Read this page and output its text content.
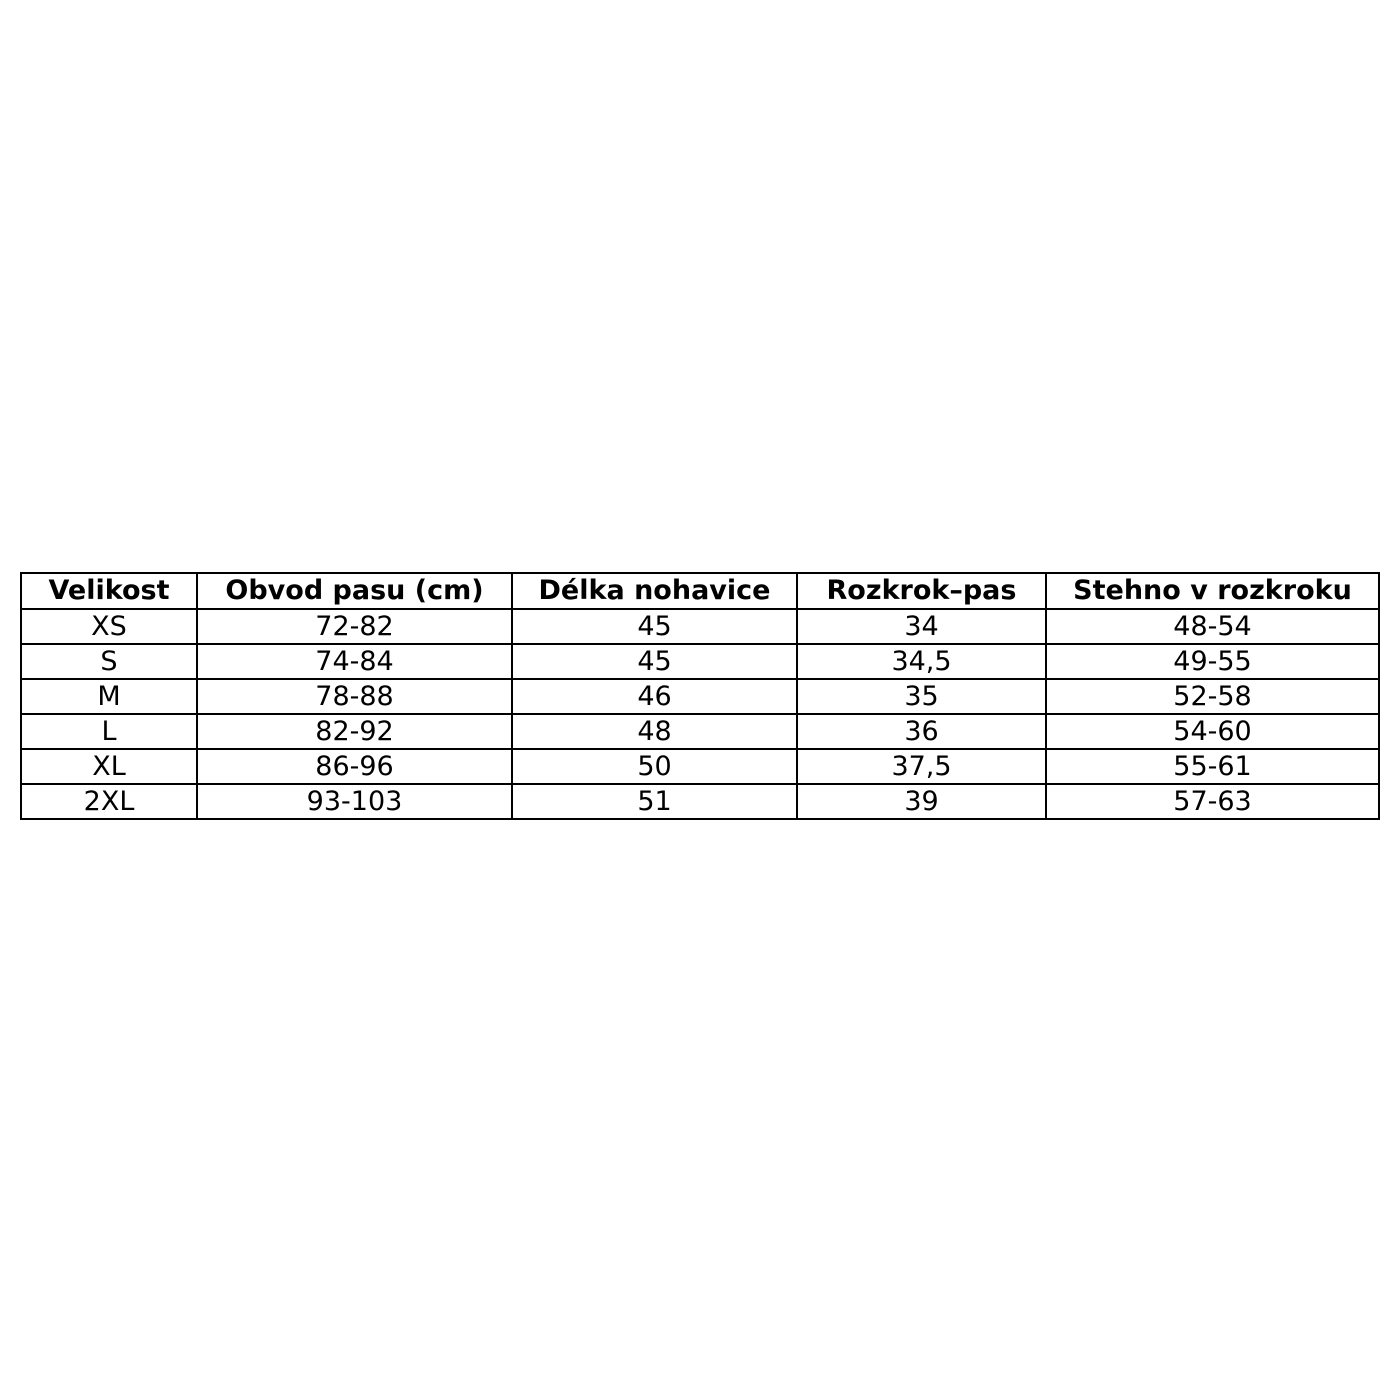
Velikost	Obvod pasu (cm)	Délka nohavice	Rozkrok–pas	Stehno v rozkroku
XS	72-82	45	34	48-54
S	74-84	45	34,5	49-55
M	78-88	46	35	52-58
L	82-92	48	36	54-60
XL	86-96	50	37,5	55-61
2XL	93-103	51	39	57-63
